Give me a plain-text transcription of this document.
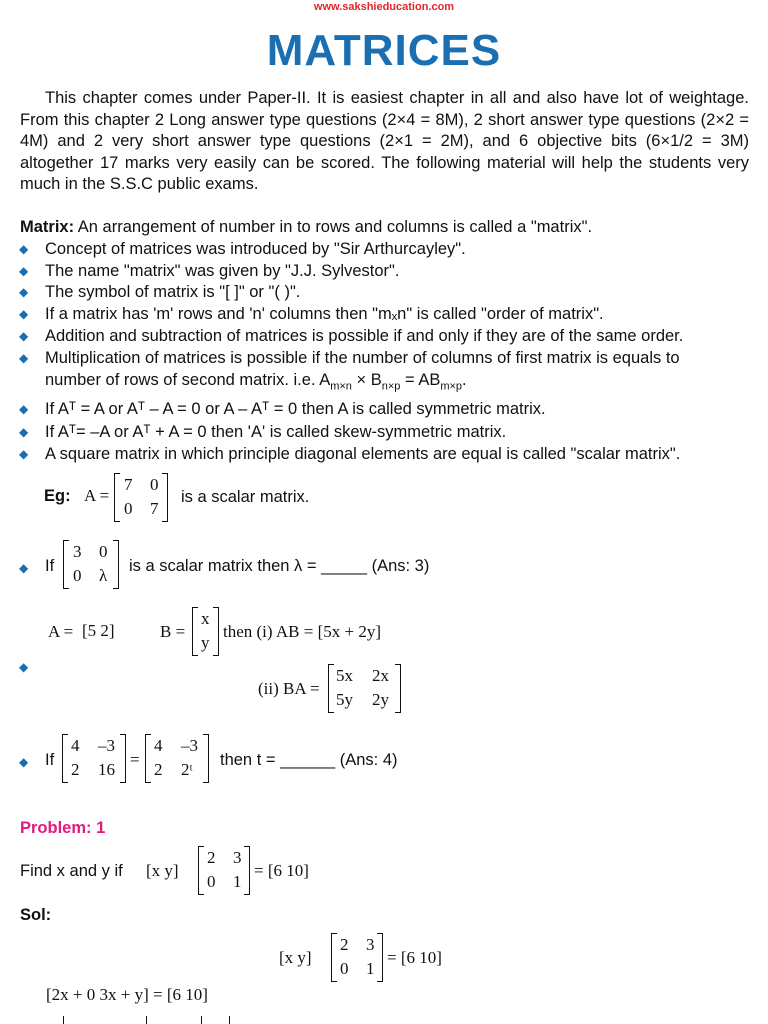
www.sakshieducation.com
MATRICES
This chapter comes under Paper-II. It is easiest chapter in all and also have lot of weightage. From this chapter 2 Long answer type questions (2×4 = 8M), 2 short answer type questions (2×2 = 4M) and 2 very short answer type questions (2×1 = 2M), and 6 objective bits (6×1/2 = 3M) altogether 17 marks very easily can be scored. The following material will help the students very much in the S.S.C public exams.
Matrix: An arrangement of number in to rows and columns is called a "matrix".
◆ Concept of matrices was introduced by "Sir Arthurcayley".
◆ The name "matrix" was given by "J.J. Sylvestor".
◆ The symbol of matrix is "[ ]" or "( )".
◆ If a matrix has 'm' rows and 'n' columns then "mₓn" is called "order of matrix".
◆ Addition and subtraction of matrices is possible if and only if they are of the same order.
◆ Multiplication of matrices is possible if the number of columns of first matrix is equals to
number of rows of second matrix. i.e. $A_{m\times n} \times B_{n\times p} = AB_{m\times p}$.
◆ If Aᵀ = A or Aᵀ – A = 0 or A – Aᵀ = 0 then A is called symmetric matrix.
◆ If Aᵀ= –A or Aᵀ + A = 0 then 'A' is called skew-symmetric matrix.
◆ A square matrix in which principle diagonal elements are equal is called "scalar matrix".
Eg: A =
7 0
0 7
is a scalar matrix.
◆ If
3 0
0 λ is a scalar matrix then λ = _____ (Ans: 3)
A = [5 2]	B =
x
y
then (i) AB = [5x + 2y]
◆
(ii) BA =
5x 2x
5y 2y
◆ If
4 –3
2 16
=
4 –3
2 2ᵗ then t = ______ (Ans: 4)
Problem: 1
Find x and y if [x y]
2 3
0 1
= [6 10]
Sol:
[x y]
2 3
0 1
= [6 10]
[2x + 0 3x + y] = [6 10]
